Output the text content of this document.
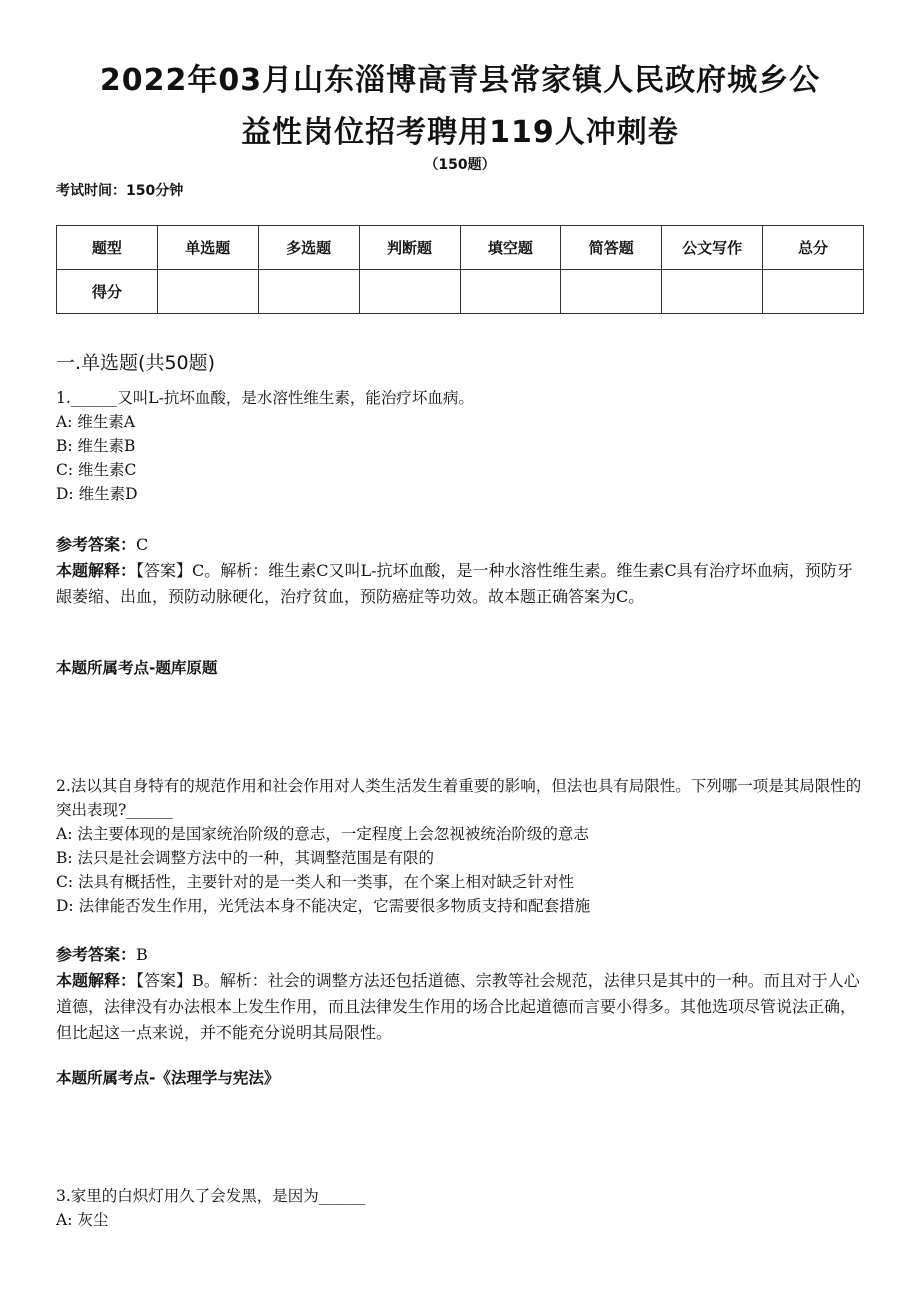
2022年03月山东淄博高青县常家镇人民政府城乡公
益性岗位招考聘用119人冲刺卷
（150题）
考试时间：150分钟
题型	单选题	多选题	判断题	填空题	简答题	公文写作	总分
得分							
一.单选题(共50题)
1.______又叫L-抗坏血酸，是水溶性维生素，能治疗坏血病。
A: 维生素A
B: 维生素B
C: 维生素C
D: 维生素D
参考答案：C
本题解释：【答案】C。解析：维生素C又叫L-抗坏血酸，是一种水溶性维生素。维生素C具有治疗坏血病，预防牙龈萎缩、出血，预防动脉硬化，治疗贫血，预防癌症等功效。故本题正确答案为C。
本题所属考点-题库原题
2.法以其自身特有的规范作用和社会作用对人类生活发生着重要的影响，但法也具有局限性。下列哪一项是其局限性的突出表现?______
A: 法主要体现的是国家统治阶级的意志，一定程度上会忽视被统治阶级的意志
B: 法只是社会调整方法中的一种，其调整范围是有限的
C: 法具有概括性，主要针对的是一类人和一类事，在个案上相对缺乏针对性
D: 法律能否发生作用，光凭法本身不能决定，它需要很多物质支持和配套措施
参考答案：B
本题解释：【答案】B。解析：社会的调整方法还包括道德、宗教等社会规范，法律只是其中的一种。而且对于人心道德，法律没有办法根本上发生作用，而且法律发生作用的场合比起道德而言要小得多。其他选项尽管说法正确，但比起这一点来说，并不能充分说明其局限性。
本题所属考点-《法理学与宪法》
3.家里的白炽灯用久了会发黑，是因为______
A: 灰尘
